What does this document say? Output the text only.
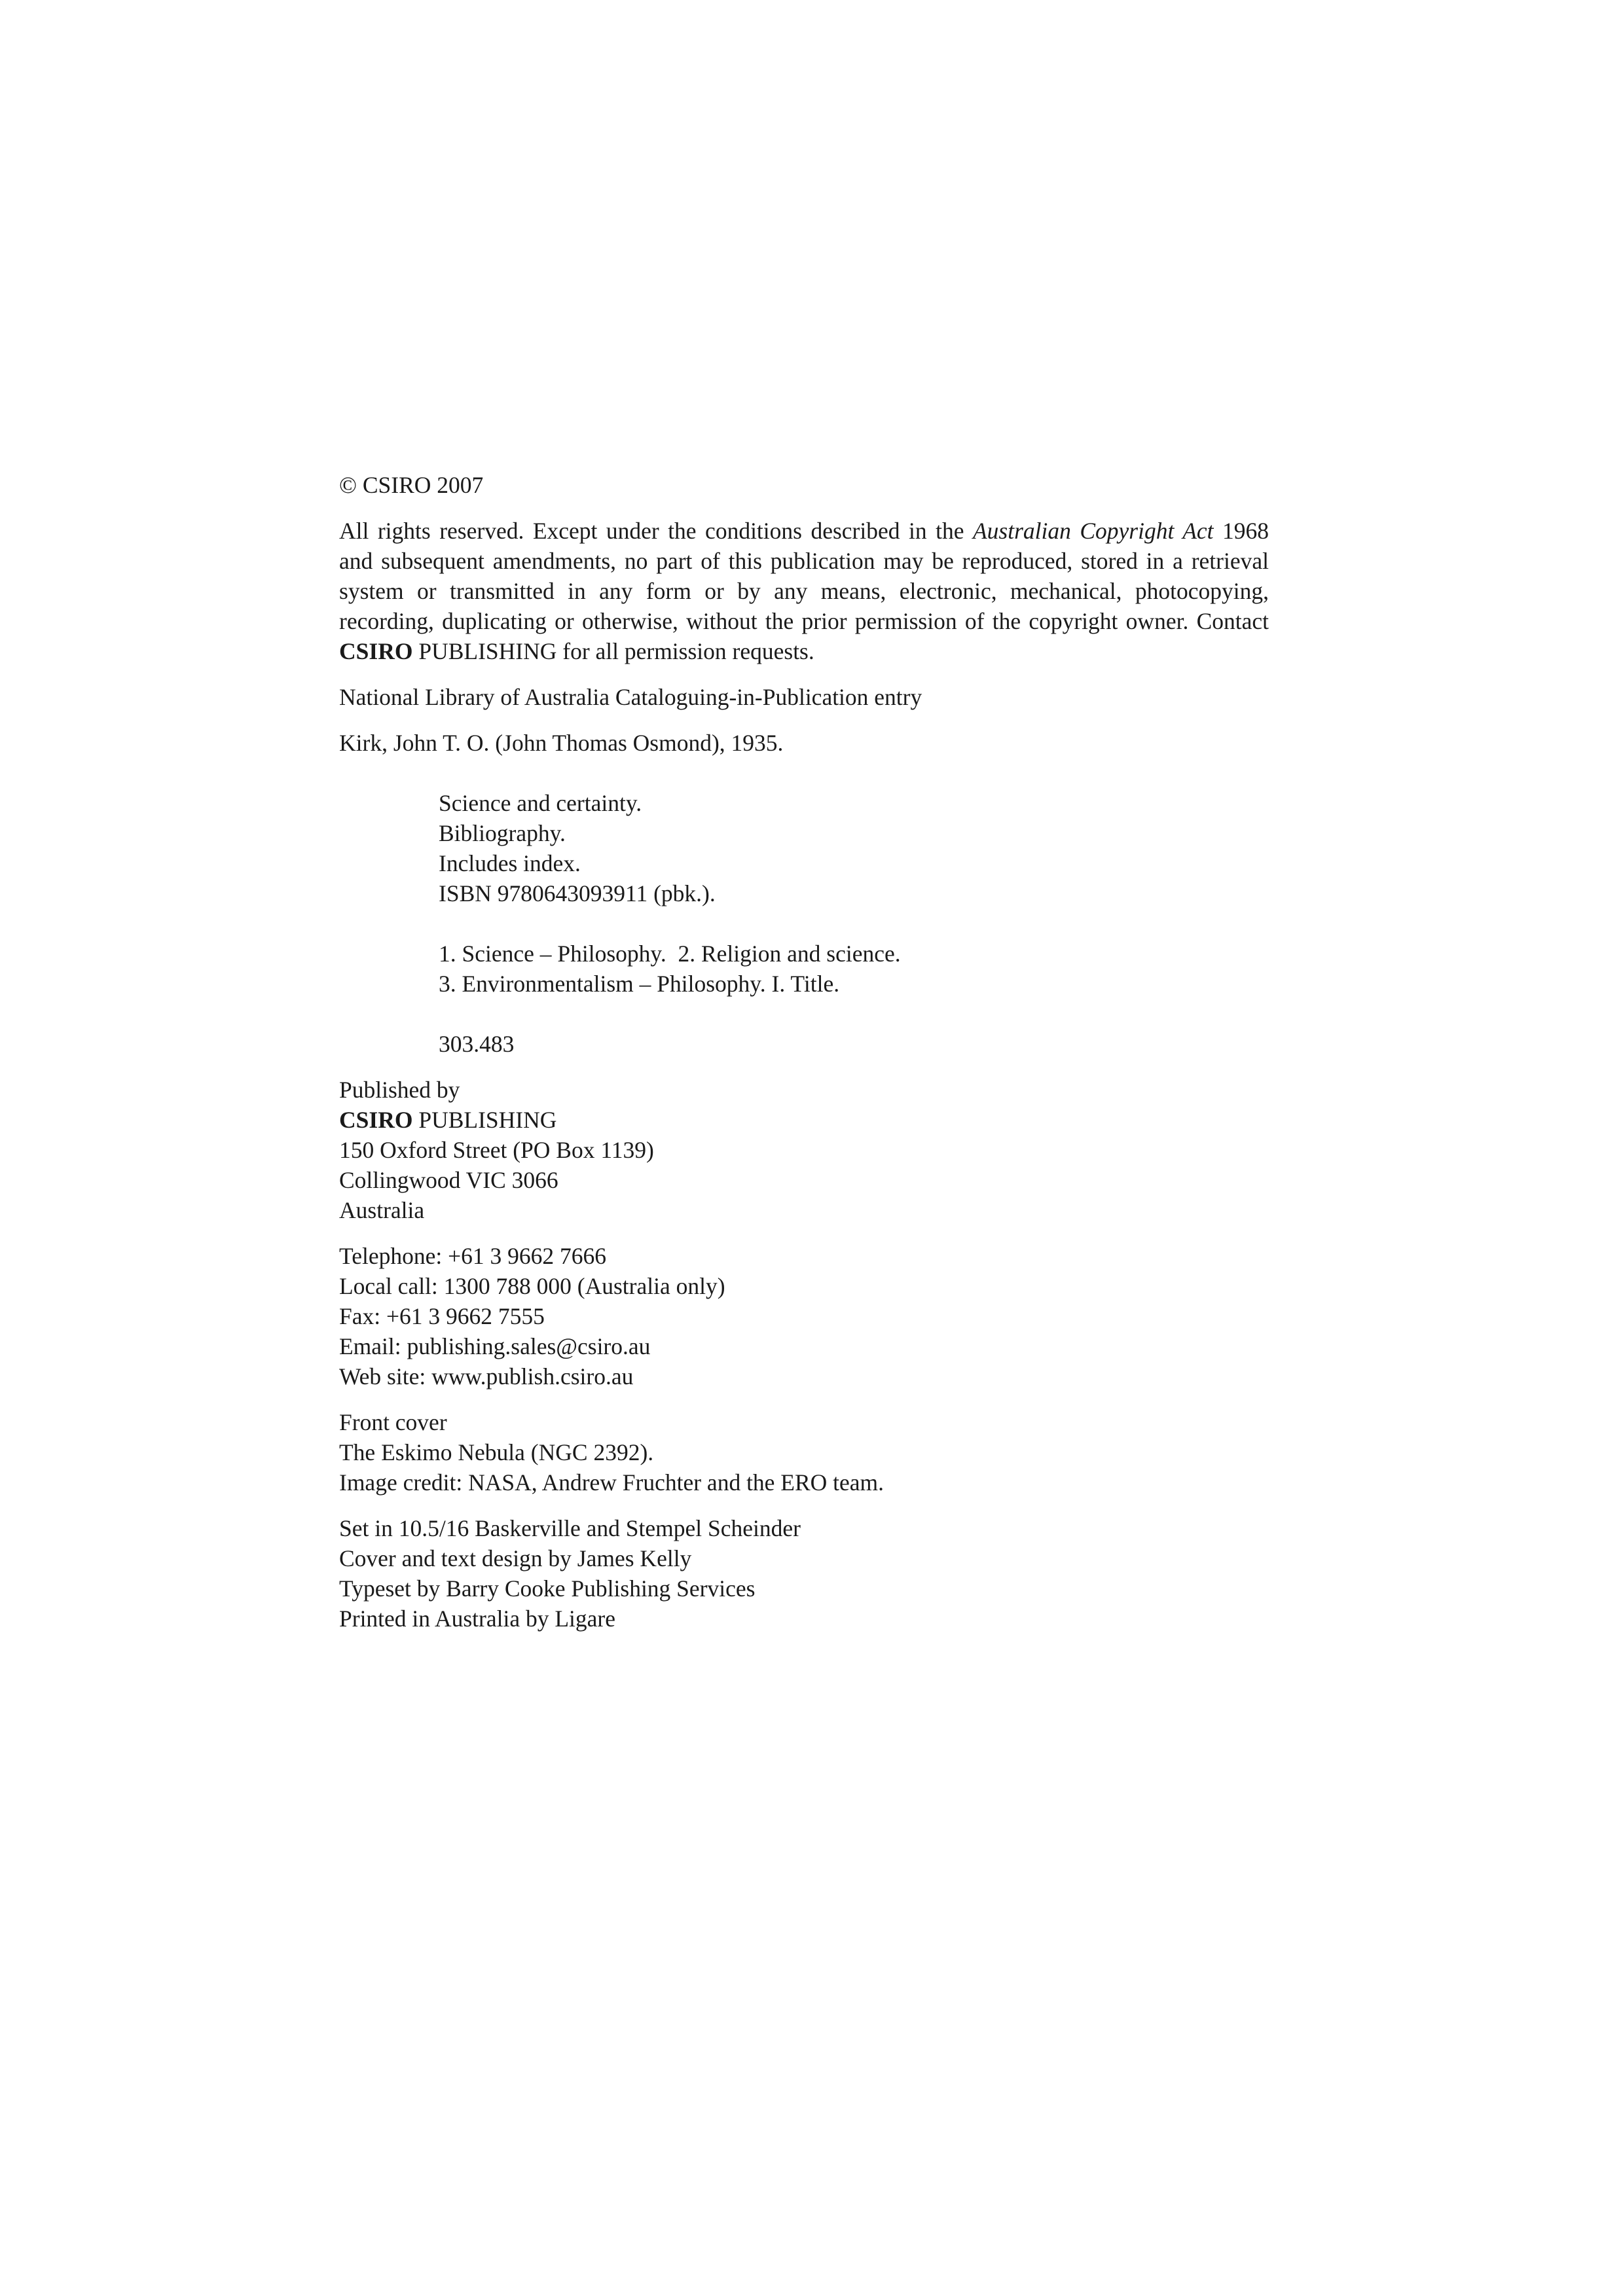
© CSIRO 2007

All rights reserved. Except under the conditions described in the Australian Copyright Act 1968 and subsequent amendments, no part of this publication may be reproduced, stored in a retrieval system or transmitted in any form or by any means, electronic, mechanical, photocopying, recording, duplicating or otherwise, without the prior permission of the copyright owner. Contact CSIRO PUBLISHING for all permission requests.

National Library of Australia Cataloguing-in-Publication entry

Kirk, John T. O. (John Thomas Osmond), 1935.

Science and certainty.
Bibliography.
Includes index.
ISBN 9780643093911 (pbk.).
1. Science – Philosophy.  2. Religion and science.
3. Environmentalism – Philosophy. I. Title.

303.483

Published by
CSIRO PUBLISHING
150 Oxford Street (PO Box 1139)
Collingwood VIC 3066
Australia
Telephone: +61 3 9662 7666
Local call: 1300 788 000 (Australia only)
Fax: +61 3 9662 7555
Email: publishing.sales@csiro.au
Web site: www.publish.csiro.au
Front cover
The Eskimo Nebula (NGC 2392).
Image credit: NASA, Andrew Fruchter and the ERO team.
Set in 10.5/16 Baskerville and Stempel Scheinder
Cover and text design by James Kelly
Typeset by Barry Cooke Publishing Services
Printed in Australia by Ligare
